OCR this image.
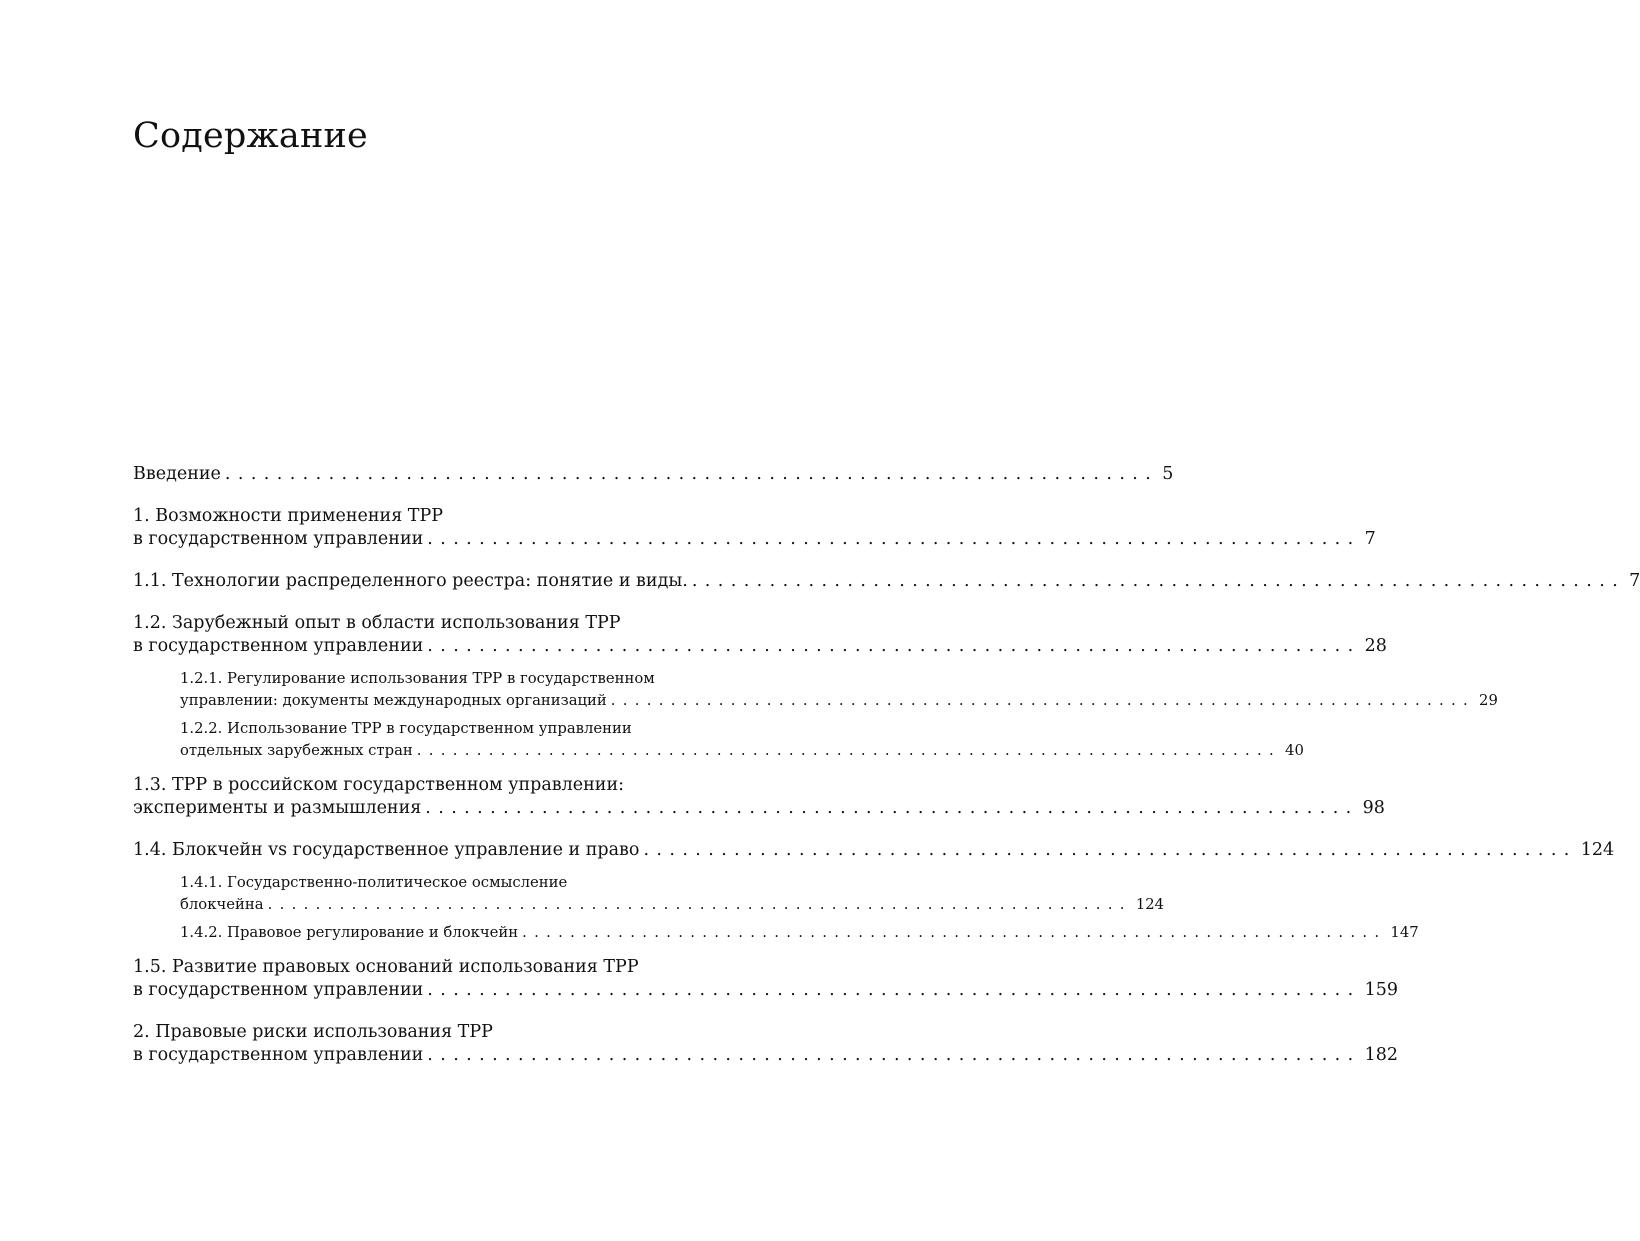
Содержание
Введение ........................................................................ 5
1. Возможности применения ТРР
в государственном управлении ........................................................................ 7
1.1. Технологии распределенного реестра: понятие и виды. ........................................................................ 7
1.2. Зарубежный опыт в области использования ТРР
в государственном управлении ........................................................................ 28
1.2.1. Регулирование использования ТРР в государственном
управлении: документы международных организаций ........................................................................ 29
1.2.2. Использование ТРР в государственном управлении
отдельных зарубежных стран ........................................................................ 40
1.3. ТРР в российском государственном управлении:
эксперименты и размышления ........................................................................ 98
1.4. Блокчейн vs государственное управление и право ........................................................................ 124
1.4.1. Государственно-политическое осмысление
блокчейна ........................................................................ 124
1.4.2. Правовое регулирование и блокчейн ........................................................................ 147
1.5. Развитие правовых оснований использования ТРР
в государственном управлении ........................................................................ 159
2. Правовые риски использования ТРР
в государственном управлении ........................................................................ 182
